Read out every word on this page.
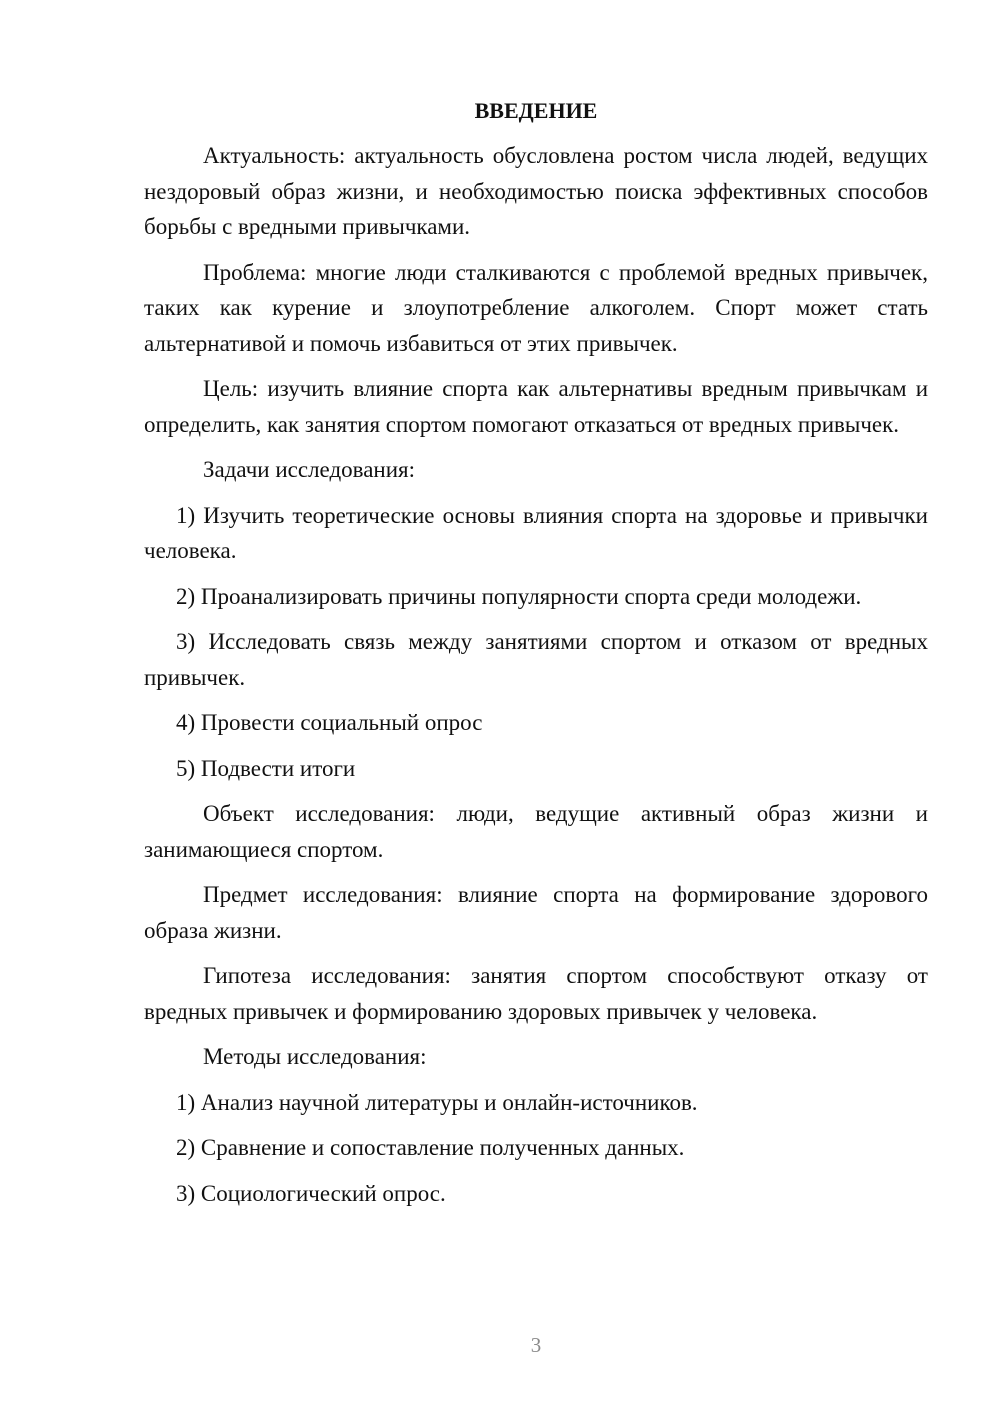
ВВЕДЕНИЕ

Актуальность: актуальность обусловлена ростом числа людей, ведущих нездоровый образ жизни, и необходимостью поиска эффективных способов борьбы с вредными привычками.

Проблема: многие люди сталкиваются с проблемой вредных привычек, таких как курение и злоупотребление алкоголем. Спорт может стать альтернативой и помочь избавиться от этих привычек.

Цель: изучить влияние спорта как альтернативы вредным привычкам и определить, как занятия спортом помогают отказаться от вредных привычек.

Задачи исследования:

1) Изучить теоретические основы влияния спорта на здоровье и привычки человека.

2) Проанализировать причины популярности спорта среди молодежи.

3) Исследовать связь между занятиями спортом и отказом от вредных привычек.

4) Провести социальный опрос

5) Подвести итоги

Объект исследования: люди, ведущие активный образ жизни и занимающиеся спортом.

Предмет исследования: влияние спорта на формирование здорового образа жизни.

Гипотеза исследования: занятия спортом способствуют отказу от вредных привычек и формированию здоровых привычек у человека.

Методы исследования:

1) Анализ научной литературы и онлайн-источников.

2) Сравнение и сопоставление полученных данных.

3) Социологический опрос.

3
